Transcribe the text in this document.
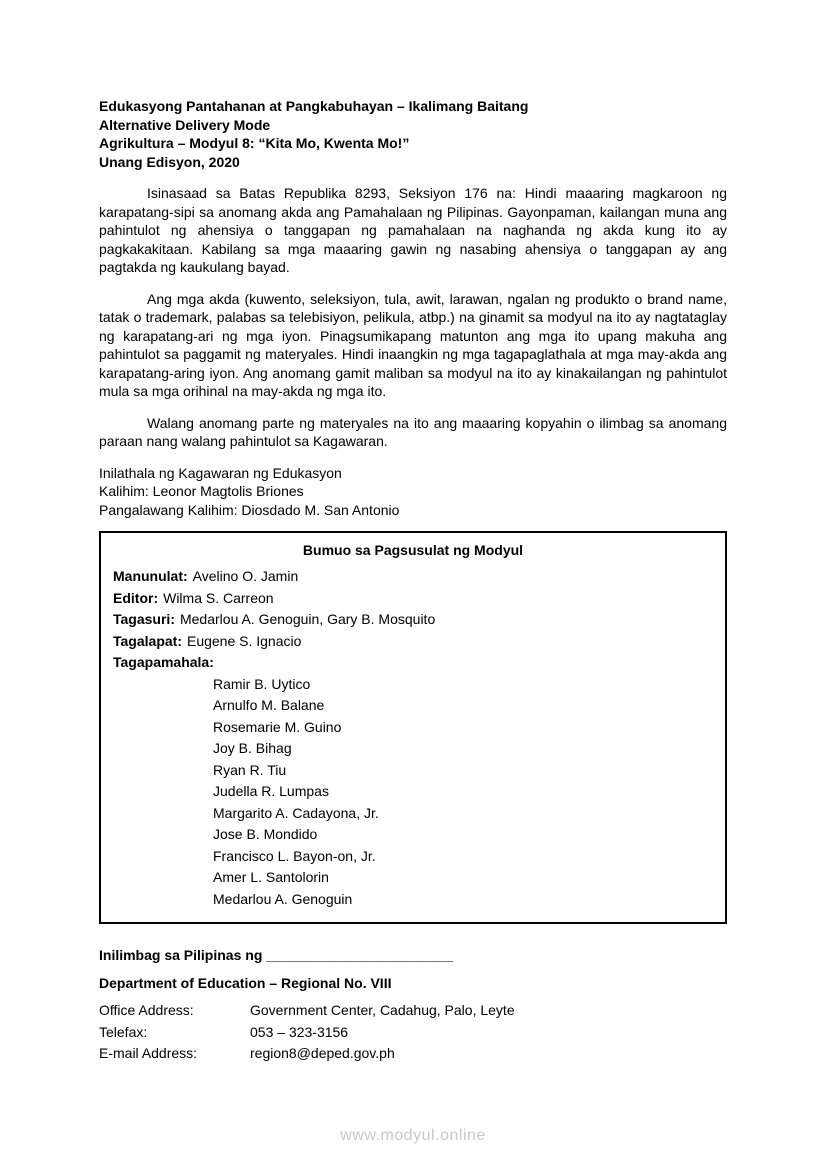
Edukasyong Pantahanan at Pangkabuhayan – Ikalimang Baitang
Alternative Delivery Mode
Agrikultura – Modyul 8: “Kita Mo, Kwenta Mo!”
Unang Edisyon, 2020

Isinasaad sa Batas Republika 8293, Seksiyon 176 na: Hindi maaaring magkaroon ng karapatang-sipi sa anomang akda ang Pamahalaan ng Pilipinas. Gayonpaman, kailangan muna ang pahintulot ng ahensiya o tanggapan ng pamahalaan na naghanda ng akda kung ito ay pagkakakitaan. Kabilang sa mga maaaring gawin ng nasabing ahensiya o tanggapan ay ang pagtakda ng kaukulang bayad.

Ang mga akda (kuwento, seleksiyon, tula, awit, larawan, ngalan ng produkto o brand name, tatak o trademark, palabas sa telebisiyon, pelikula, atbp.) na ginamit sa modyul na ito ay nagtataglay ng karapatang-ari ng mga iyon. Pinagsumikapang matunton ang mga ito upang makuha ang pahintulot sa paggamit ng materyales. Hindi inaangkin ng mga tagapaglathala at mga may-akda ang karapatang-aring iyon. Ang anomang gamit maliban sa modyul na ito ay kinakailangan ng pahintulot mula sa mga orihinal na may-akda ng mga ito.

Walang anomang parte ng materyales na ito ang maaaring kopyahin o ilimbag sa anomang paraan nang walang pahintulot sa Kagawaran.

Inilathala ng Kagawaran ng Edukasyon
Kalihim: Leonor Magtolis Briones
Pangalawang Kalihim: Diosdado M. San Antonio
Bumuo sa Pagsusulat ng Modyul
Manunulat: Avelino O. Jamin
Editor: Wilma S. Carreon
Tagasuri: Medarlou A. Genoguin, Gary B. Mosquito
Tagalapat: Eugene S. Ignacio
Tagapamahala:
Ramir B. Uytico
Arnulfo M. Balane
Rosemarie M. Guino
Joy B. Bihag
Ryan R. Tiu
Judella R. Lumpas
Margarito A. Cadayona, Jr.
Jose B. Mondido
Francisco L. Bayon-on, Jr.
Amer L. Santolorin
Medarlou A. Genoguin
Inilimbag sa Pilipinas ng ________________________
Department of Education – Regional No. VIII
Office Address:	Government Center, Cadahug, Palo, Leyte
Telefax:	053 – 323-3156
E-mail Address:	region8@deped.gov.ph
www.modyul.online
